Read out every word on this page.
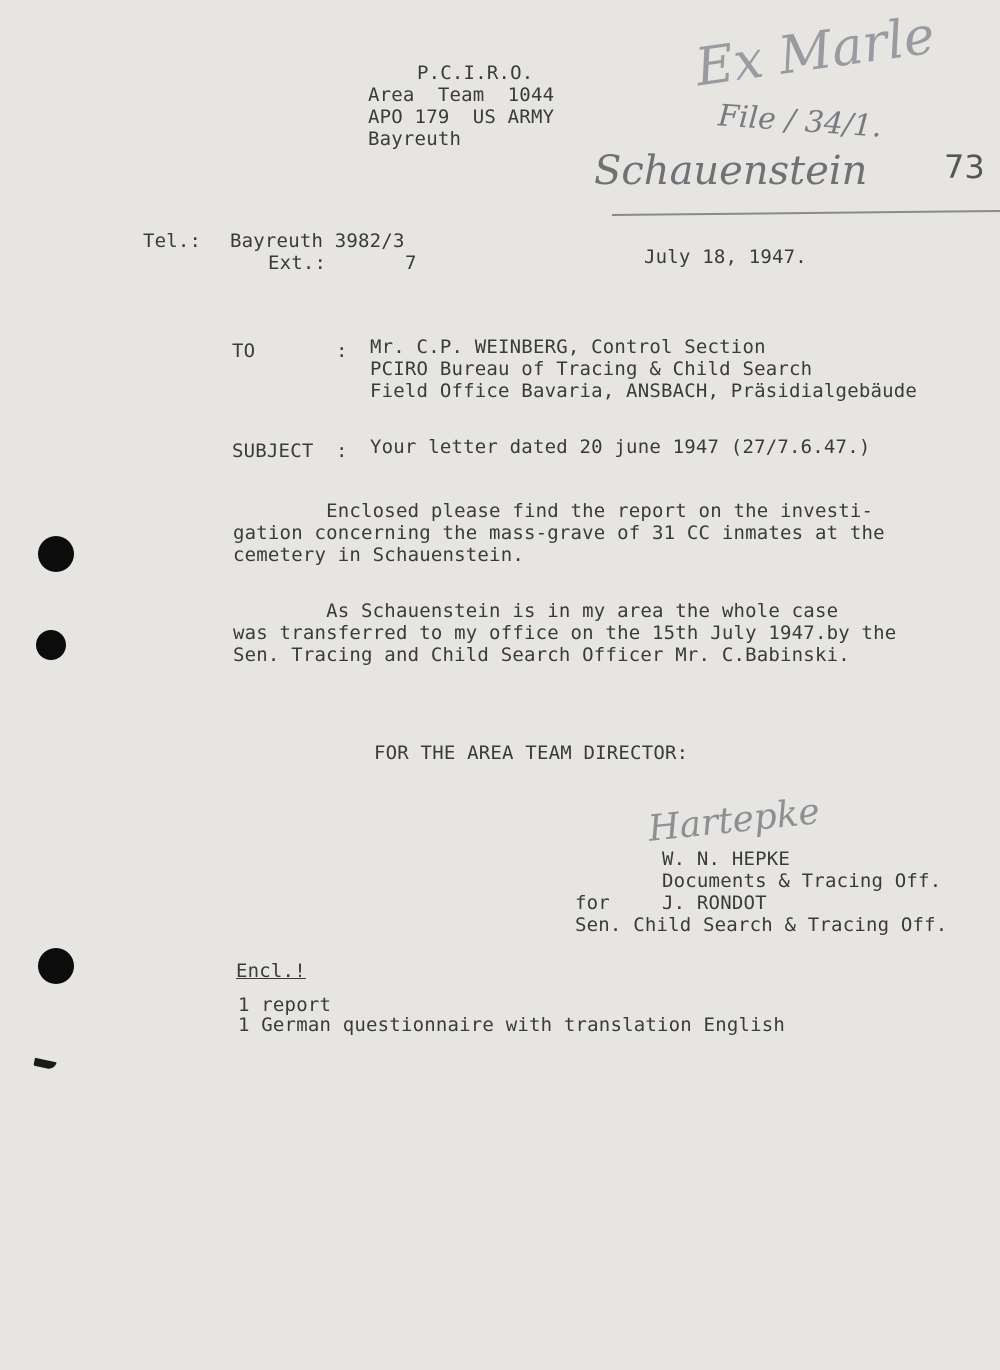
P.C.I.R.O.
Area  Team  1044
APO 179  US ARMY
Bayreuth
Ex Marle
File / 34/1.
Schauenstein 73
Tel.: Bayreuth 3982/3
Ext.:	7	July 18, 1947.
TO	: Mr. C.P. WEINBERG, Control Section
PCIRO Bureau of Tracing & Child Search
Field Office Bavaria, ANSBACH, Präsidialgebäude
SUBJECT : Your letter dated 20 june 1947 (27/7.6.47.)
Enclosed please find the report on the investi-
gation concerning the mass-grave of 31 CC inmates at the
cemetery in Schauenstein.
As Schauenstein is in my area the whole case
was transferred to my office on the 15th July 1947.by the
Sen. Tracing and Child Search Officer Mr. C.Babinski.
FOR THE AREA TEAM DIRECTOR:
Hartepke
W. N. HEPKE
Documents & Tracing Off.
for	J. RONDOT
Sen. Child Search & Tracing Off.
Encl.!
1 report
1 German questionnaire with translation English
